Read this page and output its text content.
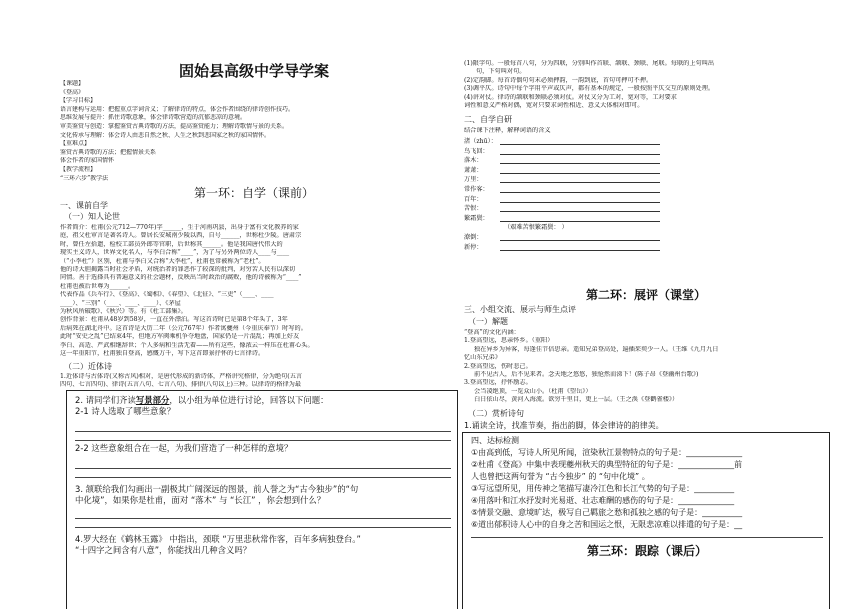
固始县高级中学导学案
【课题】
《登高》
【学习目标】
语言建构与运用：把握重点字词含义；了解律诗的特点，体会作者围绕的律诗创作技巧。
思维发展与提升：抓住诗歌意象，体会律诗歌营造的沉郁悲凉的意境。
审美鉴赏与创造：掌握鉴赏古典诗歌的方法，提高鉴赏能力；理解诗歌情与景的关系。
文化传承与理解：体会诗人由悲自然之秋、人生之秋到悲国家之秋的家国情怀。
【重难点】
鉴赏古典诗歌的方法；把握情景关系
体会作者的家国情怀
【教学流程】
“三环六步”教学法
第一环：自学（课前）
一、课前自学
（一）知人论世
作者简介：杜甫(公元712—770年)字______，生于河南巩县，出身于富有文化教养的家
庭，祖父杜审言是著名诗人。曾居长安城南少陵以西，自号______，世称杜少陵。唐肃宗
时，曾任左拾遗，检校工部员外郎等官职，后世称其______。他是我国唐代伟大的
现实主义诗人，世界文化名人，与李白合称“____”，为了与另外两位诗人____与____
（“小李杜”）区别，杜甫与李白又合称“大李杜”，杜甫也常被称为“老杜”。
他的诗大胆揭露当时社会矛盾，对统治者的罪恶作了较深的批判，对穷苦人民有以深切
同情。善于选择具有普遍意义的社会题材，反映出当时政治的腐败，他的诗被称为“____”
杜甫也被后世尊为______。
代表作品《兵车行》、《登高》、《蜀相》、《春望》、《北征》、“三吏”（____、____
____）、“三别”（____、____、____）、《茅屋
为秋风所破歌》、《秋兴》等。有《杜工部集》。
创作背景：杜甫从48岁到58岁，一直在外漂泊。写这首诗时已是第8个年头了，3年
后病死在湖北舟中。这首诗是大历二年（公元767年）作者寓夔州（今重庆奉节）时写的。
此时“安史之乱”已结束4年，但地方军阀乘机争夺地盘，国家仍是一片混乱；再加上好友
李白、高适、严武相继辞世；个人多病和生活无着——所有这些，像浓云一样压在杜甫心头。
这一年重阳节，杜甫独自登高，感慨万千，写下这首即景抒怀的七言律诗。
（二）近体诗
1.近体诗与古体诗(又称古风)相对，是唐代形成的新诗体，严格讲究格律，分为绝句(五言
四句、七言四句)、律诗(五言八句、七言八句)、排律(八句以上)三种。以律诗的格律为最
2. 请同学们齐读写景部分，以小组为单位进行讨论，回答以下问题：
2-1 诗人选取了哪些意象？
2-2 这些意象组合在一起，为我们营造了一种怎样的意境？
3. 颔联给我们勾画出一副极其广阔深远的图景，前人誉之为“古今独步”的“句
中化境”，如果你是杜甫，面对 “落木” 与 “长江” ，你会想到什么？
4.罗大经在《鹤林玉露》 中指出，颈联 “万里悲秋常作客，百年多病独登台。”
“十四字之间含有八意”，你能找出几种含义吗？
(1)限字句。一般每首八句，分为四联，分别叫作首联、颔联、颈联、尾联。每联的上句叫出
句，下句叫对句。
(2)定韵脚。每首诗偶句句末必须押韵，一韵到底，首句可押可不押。
(3)调平仄。诗句中每个字用平声或仄声，都有基本的规定，一般按照平仄交互的原则处理。
(4)讲对仗。律诗的颔联和颈联必须对仗。对仗又分为工对、宽对等，工对要求
词性和意义严格对偶，宽对只要求词性相近、意义大体相对即可。
二、自学自研
结合课下注释，解释词语的含义
渚（zhū）：
鸟飞回：
落木：
萧萧：
万里：
常作客：
百年：
苦恨：
繁霜鬓：
（艰难苦恨繁霜鬓： ）
潦倒：
新停：
第二环：展评（课堂）
三、小组交流、展示与师生点评
（一）解题
“登高”的文化内涵：
1.登高望远，思亲怀乡。（重阳）
独在异乡为异客，每逢佳节倍思亲。遥知兄弟登高处，遍插茱萸少一人。（王维《九月九日
忆山东兄弟》
2.登高望远，伤时悲己。
前不见古人，后不见来者。念天地之悠悠，独怆然而涕下！(陈子昂《登幽州台歌》)
3.登高望远，抒怀励志。
会当凌绝顶，一览众山小。（杜甫《望岳》）
白日依山尽，黄河入海流。欲穷千里目，更上一层。（王之涣《登鹳雀楼》）
（二）赏析诗句
1.诵读全诗，找准节奏，指出韵脚，体会律诗的韵律美。
四、达标检测
①由高到低，写诗人所见所闻，渲染秋江景物特点的句子是：______________
②杜甫《登高》中集中表现夔州秋天的典型特征的句子是：______________前
人也曾把这两句誉为 “古今独步” 的 “句中化境” 。
③写远望所见，用传神之笔描写凄冷江色和长江气势的句子是：__________
④用落叶和江水抒发时光易逝、壮志难酬的感伤的句子是：______________
⑤情景交融、意境旷达，极写自己羁旅之愁和孤独之感的句子是：__________
⑥道出郁积诗人心中的自身之苦和国运之恨，无限悲凉难以排遣的句子是：__
第三环：跟踪（课后）
